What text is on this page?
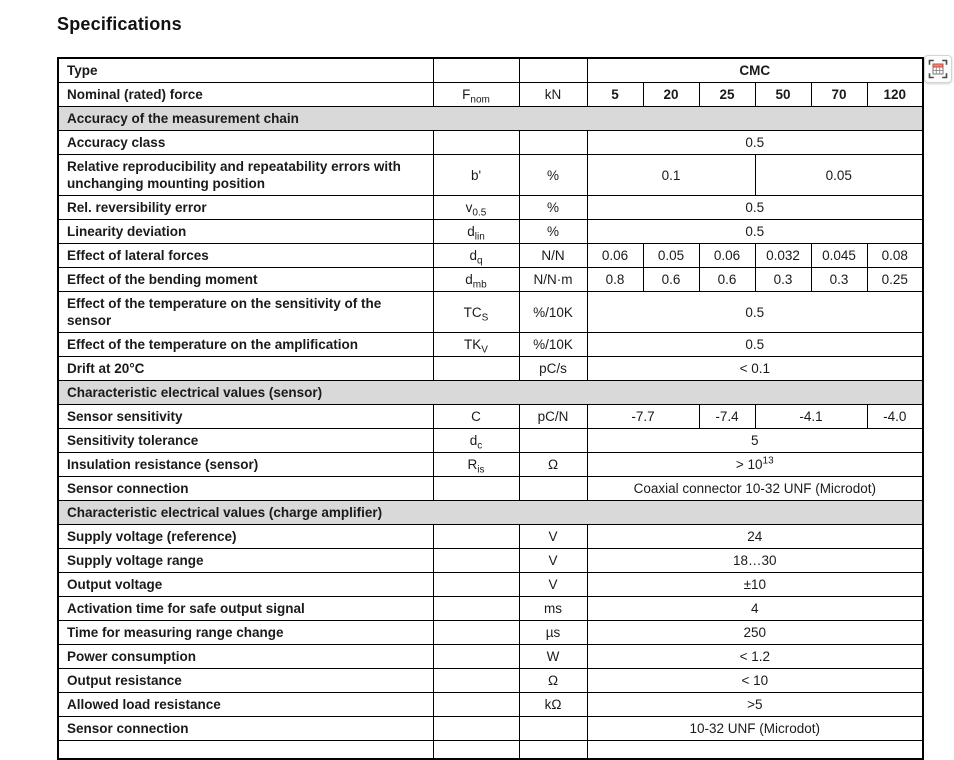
Specifications
Type			CMC					
Nominal (rated) force	$F_{nom}$	kN	5	20	25	50	70	120
Accuracy of the measurement chain								
Accuracy class			0.5					
Relative reproducibility and repeatability errors with unchanging mounting position	b'	%	0.1			0.05		
Rel. reversibility error	$v_{0.5}$	%	0.5					
Linearity deviation	$d_{lin}$	%	0.5					
Effect of lateral forces	$d_q$	N/N	0.06	0.05	0.06	0.032	0.045	0.08
Effect of the bending moment	$d_{mb}$	N/N·m	0.8	0.6	0.6	0.3	0.3	0.25
Effect of the temperature on the sensitivity of the sensor	$TC_S$	%/10K	0.5					
Effect of the temperature on the amplification	$TK_V$	%/10K	0.5					
Drift at 20°C		pC/s	< 0.1					
Characteristic electrical values (sensor)								
Sensor sensitivity	C	pC/N	-7.7		-7.4	-4.1		-4.0
Sensitivity tolerance	$d_c$		5					
Insulation resistance (sensor)	$R_{is}$	Ω	> $10^{13}$
Sensor connection			Coaxial connector 10-32 UNF (Microdot)					
Characteristic electrical values (charge amplifier)								
Supply voltage (reference)		V	24					
Supply voltage range		V	18…30					
Output voltage		V	±10					
Activation time for safe output signal		ms	4					
Time for measuring range change		µs	250					
Power consumption		W	< 1.2					
Output resistance		Ω	< 10					
Allowed load resistance		kΩ	>5					
Sensor connection			10-32 UNF (Microdot)					
